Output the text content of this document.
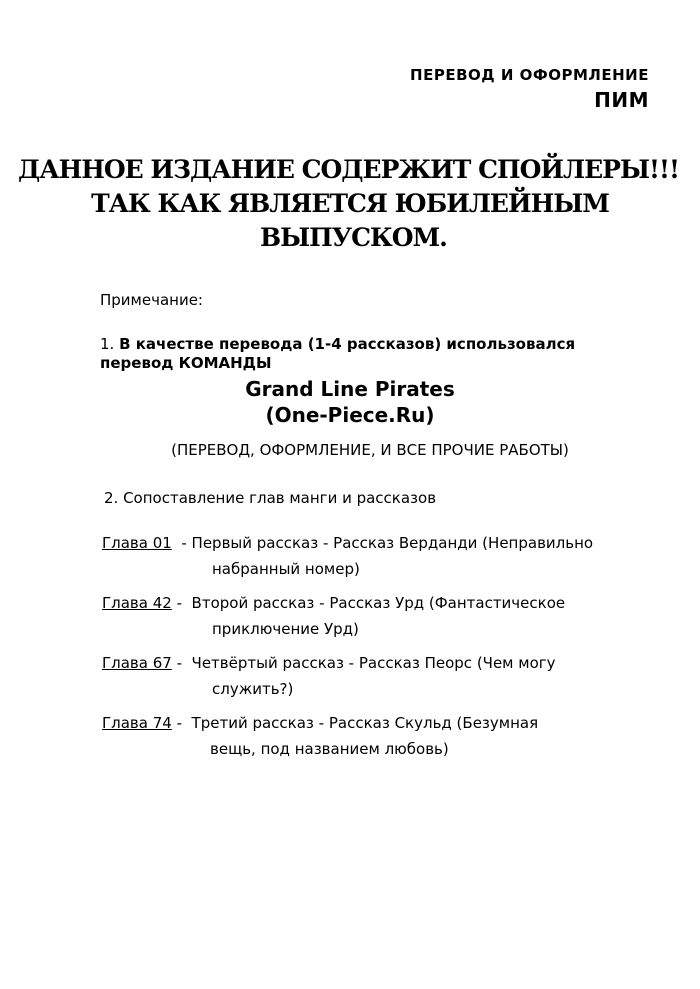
ПЕРЕВОД И ОФОРМЛЕНИЕ
ПИМ
ДАННОЕ ИЗДАНИЕ СОДЕРЖИТ СПОЙЛЕРЫ!!!
ТАК КАК ЯВЛЯЕТСЯ ЮБИЛЕЙНЫМ
ВЫПУСКОМ.
Примечание:
1. В качестве перевода (1-4 рассказов) использовался
перевод КОМАНДЫ
Grand Line Pirates
(One-Piece.Ru)
(ПЕРЕВОД, ОФОРМЛЕНИЕ, И ВСЕ ПРОЧИЕ РАБОТЫ)
2. Сопоставление глав манги и рассказов
Глава 01  - Первый рассказ - Рассказ Верданди (Неправильно
набранный номер)
Глава 42 -  Второй рассказ - Рассказ Урд (Фантастическое
приключение Урд)
Глава 67 -  Четвёртый рассказ - Рассказ Пеорс (Чем могу
служить?)
Глава 74 -  Третий рассказ - Рассказ Скульд (Безумная
вещь, под названием любовь)
